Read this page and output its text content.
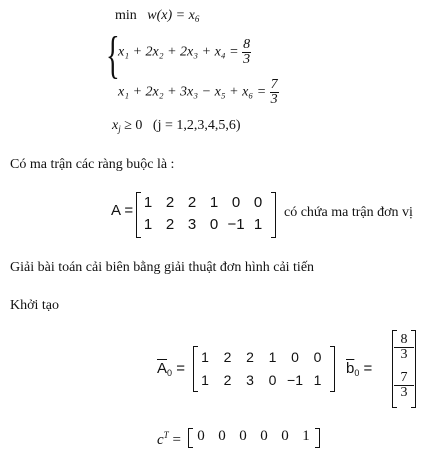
$\min w(x) = x_6$
{
$x_1 + 2x_2 + 2x_3 + x_4 = \frac{8}{3}$
$x_1 + 2x_2 + 3x_3 - x_5 + x_6 = \frac{7}{3}$
$x_j \ge 0$ (j = 1,2,3,4,5,6)
Có ma trận các ràng buộc là :
A = 1 2 2 1 0 0
1 2 3 0 −1 1
có chứa ma trận đơn vị
Giải bài toán cải biên bằng giải thuật đơn hình cải tiến
Khởi tạo
$\overline{A}_0$ =
1	2	2	1	0	0
1	2	3	0 −1 1
$\overline{b}_0$ =
$\frac{8}{3}$
$\frac{7}{3}$
$c^T$ =	0 0 0 0 0 1
